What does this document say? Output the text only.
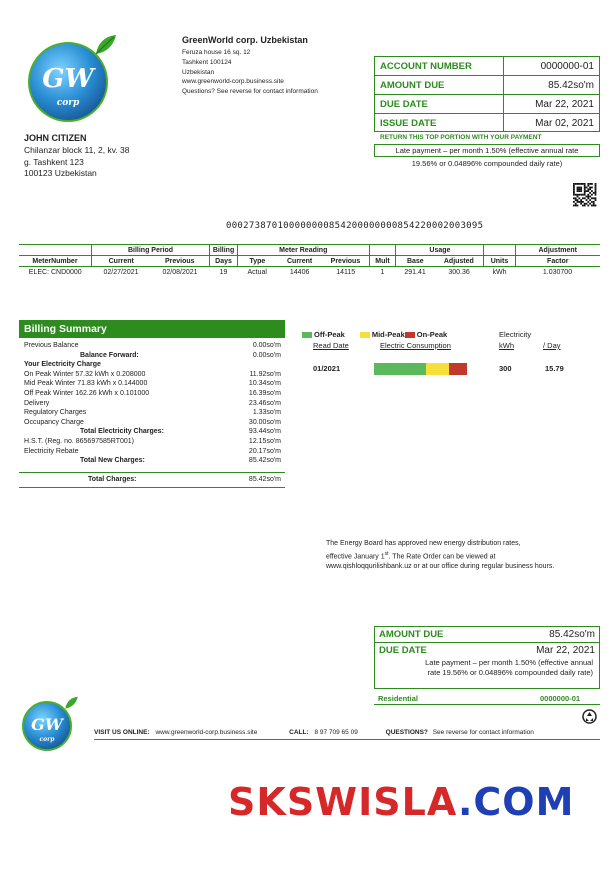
GW
corp
GreenWorld corp. Uzbekistan
Feruza house 16 sq. 12
Tashkent 100124
Uzbekistan
www.greenworld-corp.business.site
Questions? See reverse for contact information
JOHN CITIZEN
Chilanzar block 11, 2, kv. 38
g. Tashkent 123
100123 Uzbekistan
ACCOUNT NUMBER	0000000-01
AMOUNT DUE	85.42so'm
DUE DATE	Mar 22, 2021
ISSUE DATE	Mar 02, 2021
RETURN THIS TOP PORTION WITH YOUR PAYMENT
Late payment – per month 1.50% (effective annual rate
19.56% or 0.04896% compounded daily rate)
000273870100000000854200000000854220002003095
	Billing Period		Billing	Meter Reading				Usage			Adjustment
MeterNumber	Current	Previous	Days	Type	Current	Previous	Mult	Base	Adjusted	Units	Factor
ELEC: CND0000	02/27/2021	02/08/2021	19	Actual	14406	14115	1	291.41	300.36	kWh	1.030700
Billing Summary
Previous Balance	0.00so'm
Balance Forward:	0.00so'm
Your Electricity Charge
On Peak Winter 57.32 kWh x 0.208000	11.92so'm
Mid Peak Winter 71.83 kWh x 0.144000	10.34so'm
Off Peak Winter 162.26 kWh x 0.101000	16.39so'm
Delivery	23.46so'm
Regulatory Charges	1.33so'm
Occupancy Charge	30.00so'm
Total Electricity Charges:	93.44so'm
H.S.T. (Reg. no. 865697585RT001)	12.15so'm
Electricity Rebate	20.17so'm
Total New Charges:	85.42so'm
Total Charges:	85.42so'm
Off-Peak	Mid-Peak On-Peak
Read Date	Electric Consumption
Electricity
kWh	/ Day
01/2021	300	15.79
The Energy Board has approved new energy distribution rates,
effective January 1st. The Rate Order can be viewed at
www.qishloqqurilishbank.uz or at our office during regular business hours.
AMOUNT DUE	85.42so'm
DUE DATE	Mar 22, 2021
Late payment – per month 1.50% (effective annual
rate 19.56% or 0.04896% compounded daily rate)
Residential	0000000-01
GW
corp
VISIT US ONLINE: www.greenworld-corp.business.site	CALL: 8 97 709 65 09	QUESTIONS? See reverse for contact information
SKSWISLA.COM
